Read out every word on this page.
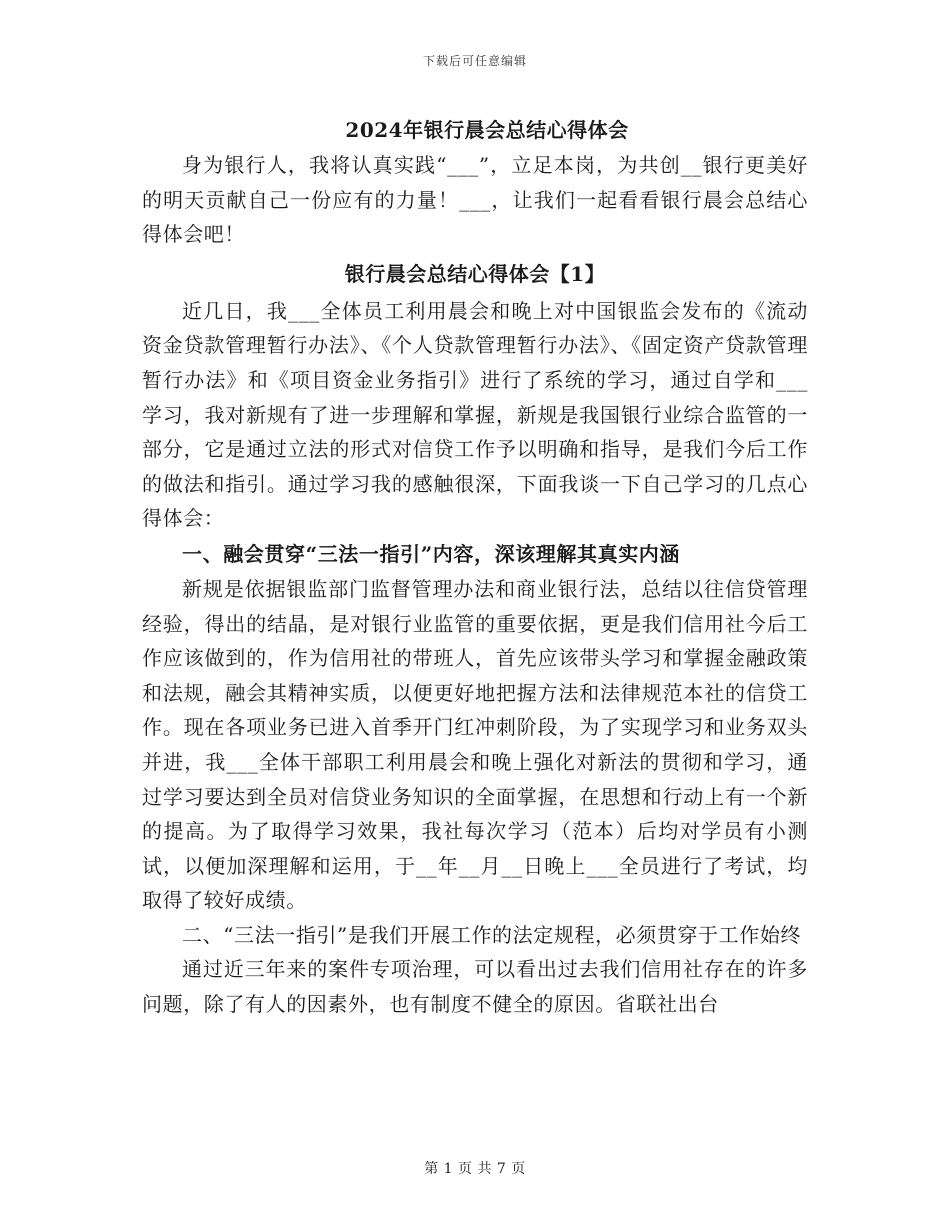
下载后可任意编辑
2024年银行晨会总结心得体会

身为银行人，我将认真实践“___”，立足本岗，为共创__银行更美好的明天贡献自己一份应有的力量！___，让我们一起看看银行晨会总结心得体会吧！

银行晨会总结心得体会【1】

近几日，我___全体员工利用晨会和晚上对中国银监会发布的《流动资金贷款管理暂行办法》、《个人贷款管理暂行办法》、《固定资产贷款管理暂行办法》和《项目资金业务指引》进行了系统的学习，通过自学和___学习，我对新规有了进一步理解和掌握，新规是我国银行业综合监管的一部分，它是通过立法的形式对信贷工作予以明确和指导，是我们今后工作的做法和指引。通过学习我的感触很深，下面我谈一下自己学习的几点心得体会：

一、融会贯穿“三法一指引”内容，深该理解其真实内涵

新规是依据银监部门监督管理办法和商业银行法，总结以往信贷管理经验，得出的结晶，是对银行业监管的重要依据，更是我们信用社今后工作应该做到的，作为信用社的带班人，首先应该带头学习和掌握金融政策和法规，融会其精神实质，以便更好地把握方法和法律规范本社的信贷工作。现在各项业务已进入首季开门红冲刺阶段，为了实现学习和业务双头并进，我___全体干部职工利用晨会和晚上强化对新法的贯彻和学习，通过学习要达到全员对信贷业务知识的全面掌握，在思想和行动上有一个新的提高。为了取得学习效果，我社每次学习（范本）后均对学员有小测试，以便加深理解和运用，于__年__月__日晚上___全员进行了考试，均取得了较好成绩。

二、“三法一指引”是我们开展工作的法定规程，必须贯穿于工作始终

通过近三年来的案件专项治理，可以看出过去我们信用社存在的许多问题，除了有人的因素外，也有制度不健全的原因。省联社出台

第 1 页 共 7 页
